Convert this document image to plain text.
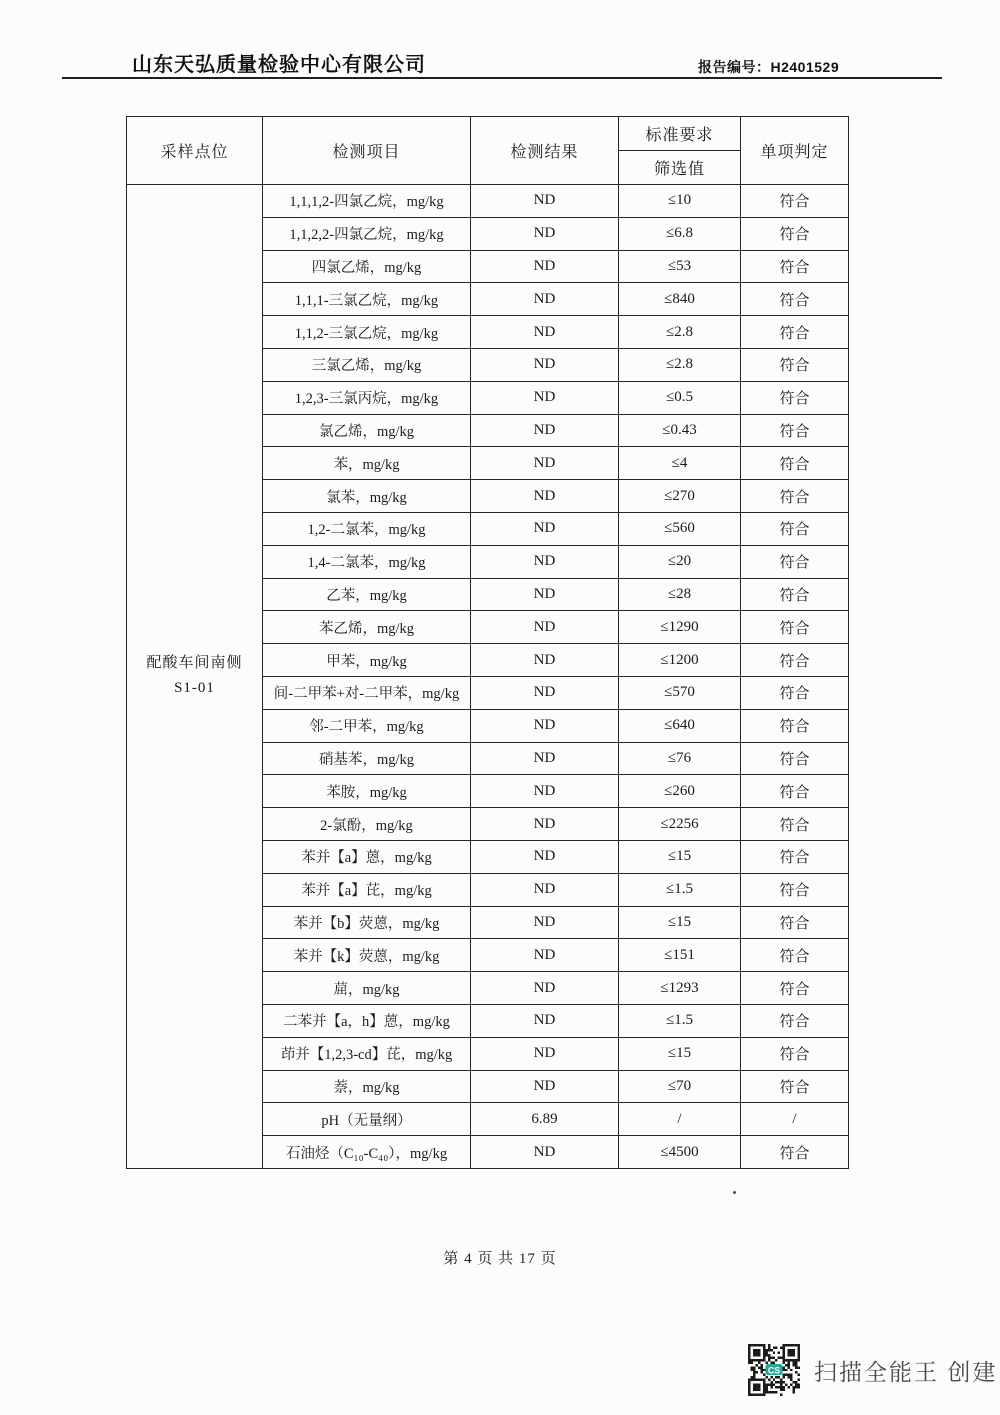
山东天弘质量检验中心有限公司	报告编号：H2401529
采样点位	检测项目	检测结果	标准要求	单项判定
			筛选值	

配酸车间南侧
S1-01	1,1,1,2-四氯乙烷，mg/kg	ND	≤10	符合
	1,1,2,2-四氯乙烷，mg/kg	ND	≤6.8	符合
	四氯乙烯，mg/kg	ND	≤53	符合
	1,1,1-三氯乙烷，mg/kg	ND	≤840	符合
	1,1,2-三氯乙烷，mg/kg	ND	≤2.8	符合
	三氯乙烯，mg/kg	ND	≤2.8	符合
	1,2,3-三氯丙烷，mg/kg	ND	≤0.5	符合
	氯乙烯，mg/kg	ND	≤0.43	符合
	苯，mg/kg	ND	≤4	符合
	氯苯，mg/kg	ND	≤270	符合
	1,2-二氯苯，mg/kg	ND	≤560	符合
	1,4-二氯苯，mg/kg	ND	≤20	符合
	乙苯，mg/kg	ND	≤28	符合
	苯乙烯，mg/kg	ND	≤1290	符合
	甲苯，mg/kg	ND	≤1200	符合
	间-二甲苯+对-二甲苯，mg/kg	ND	≤570	符合
	邻-二甲苯，mg/kg	ND	≤640	符合
	硝基苯，mg/kg	ND	≤76	符合
	苯胺，mg/kg	ND	≤260	符合
	2-氯酚，mg/kg	ND	≤2256	符合
	苯并【a】蒽，mg/kg	ND	≤15	符合
	苯并【a】芘，mg/kg	ND	≤1.5	符合
	苯并【b】荧蒽，mg/kg	ND	≤15	符合
	苯并【k】荧蒽，mg/kg	ND	≤151	符合
	䓛，mg/kg	ND	≤1293	符合
	二苯并【a，h】蒽，mg/kg	ND	≤1.5	符合
	茚并【1,2,3-cd】芘，mg/kg	ND	≤15	符合
	萘，mg/kg	ND	≤70	符合
	pH（无量纲）	6.89	/	/
	石油烃（C₁₀-C₄₀），mg/kg	ND	≤4500	符合
第 4 页 共 17 页
CS 扫描全能王 创建
